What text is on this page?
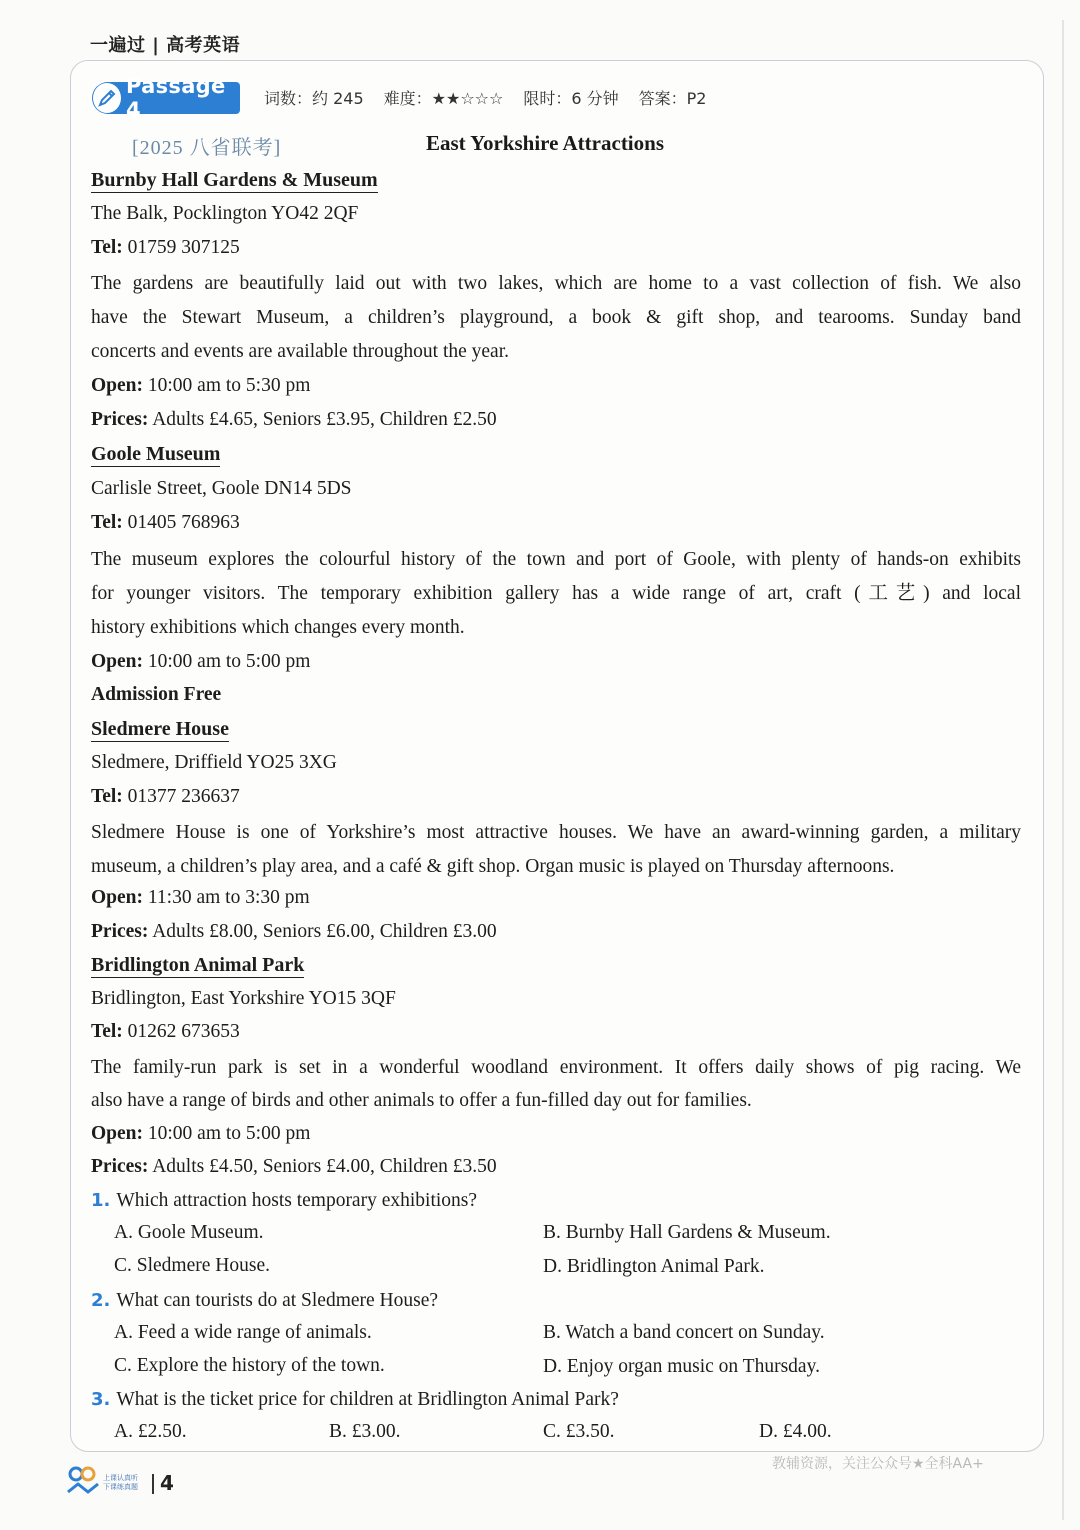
一遍过 | 高考英语
Passage 4	词数：约 245 难度：★★☆☆☆ 限时：6 分钟 答案：P2
[2025 八省联考]	East Yorkshire Attractions
Burnby Hall Gardens & Museum
The Balk, Pocklington YO42 2QF
Tel: 01759 307125
The gardens are beautifully laid out with two lakes, which are home to a vast collection of fish. We also
have the Stewart Museum, a children’s playground, a book & gift shop, and tearooms. Sunday band
concerts and events are available throughout the year.
Open: 10:00 am to 5:30 pm
Prices: Adults £4.65, Seniors £3.95, Children £2.50
Goole Museum
Carlisle Street, Goole DN14 5DS
Tel: 01405 768963
The museum explores the colourful history of the town and port of Goole, with plenty of hands-on exhibits
for younger visitors. The temporary exhibition gallery has a wide range of art, craft (工艺) and local
history exhibitions which changes every month.
Open: 10:00 am to 5:00 pm
Admission Free
Sledmere House
Sledmere, Driffield YO25 3XG
Tel: 01377 236637
Sledmere House is one of Yorkshire’s most attractive houses. We have an award-winning garden, a military
museum, a children’s play area, and a café & gift shop. Organ music is played on Thursday afternoons.
Open: 11:30 am to 3:30 pm
Prices: Adults £8.00, Seniors £6.00, Children £3.00
Bridlington Animal Park
Bridlington, East Yorkshire YO15 3QF
Tel: 01262 673653
The family-run park is set in a wonderful woodland environment. It offers daily shows of pig racing. We
also have a range of birds and other animals to offer a fun-filled day out for families.
Open: 10:00 am to 5:00 pm
Prices: Adults £4.50, Seniors £4.00, Children £3.50
1. Which attraction hosts temporary exhibitions?
A. Goole Museum.	B. Burnby Hall Gardens & Museum.
C. Sledmere House.	D. Bridlington Animal Park.
2. What can tourists do at Sledmere House?
A. Feed a wide range of animals.	B. Watch a band concert on Sunday.
C. Explore the history of the town.	D. Enjoy organ music on Thursday.
3. What is the ticket price for children at Bridlington Animal Park?
A. £2.50.	B. £3.00.	C. £3.50.	D. £4.00.
上课认真听
下课练真题 4
教辅资源，关注公众号★全科AA+
